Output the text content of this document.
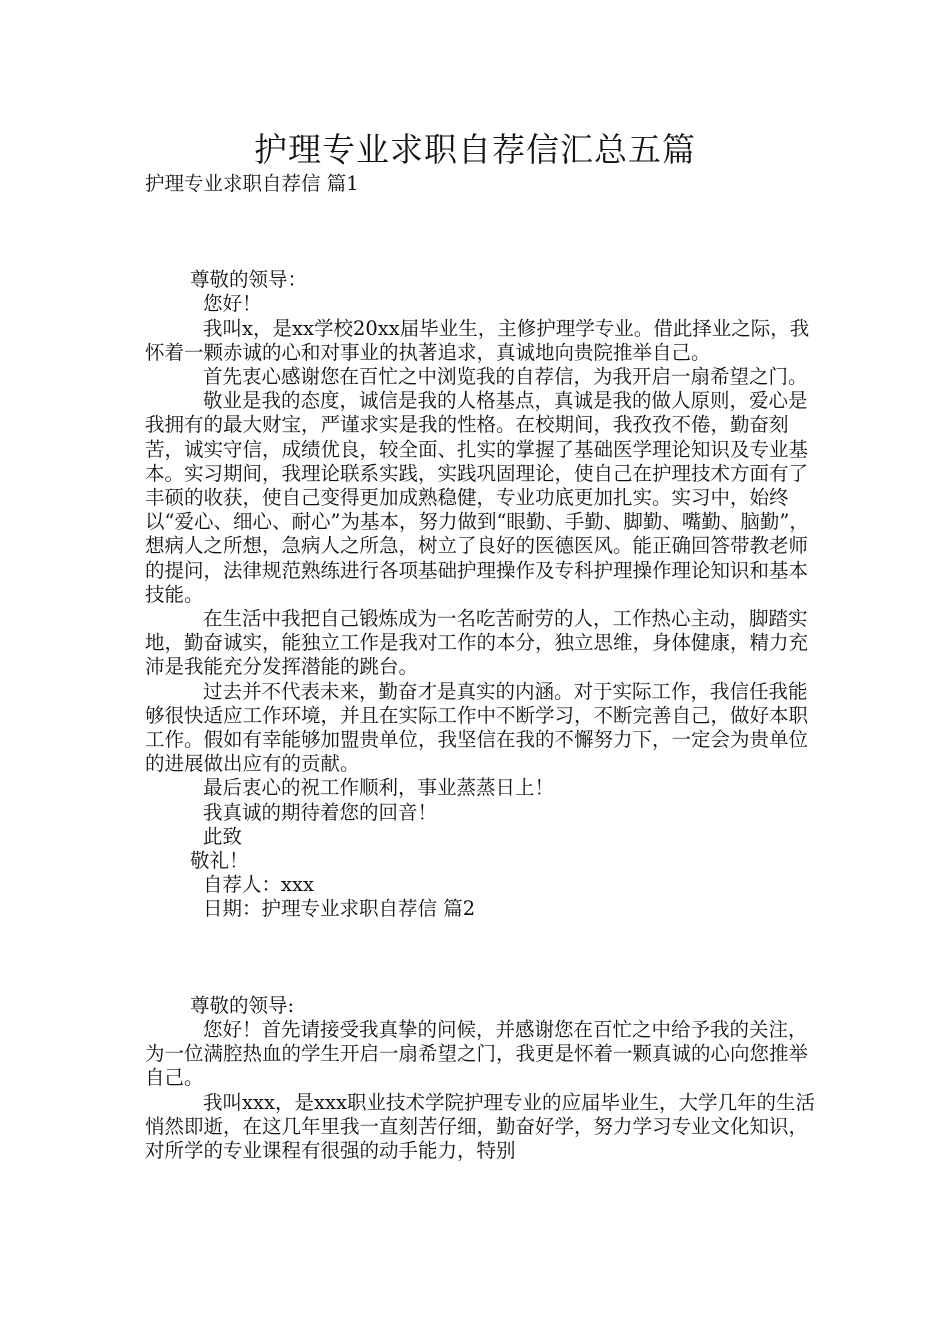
护理专业求职自荐信汇总五篇

护理专业求职自荐信 篇1

尊敬的领导：

您好！

我叫x，是xx学校20xx届毕业生，主修护理学专业。借此择业之际，我怀着一颗赤诚的心和对事业的执著追求，真诚地向贵院推举自己。

首先衷心感谢您在百忙之中浏览我的自荐信，为我开启一扇希望之门。

敬业是我的态度，诚信是我的人格基点，真诚是我的做人原则，爱心是我拥有的最大财宝，严谨求实是我的性格。在校期间，我孜孜不倦，勤奋刻苦，诚实守信，成绩优良，较全面、扎实的掌握了基础医学理论知识及专业基本。实习期间，我理论联系实践，实践巩固理论，使自己在护理技术方面有了丰硕的收获，使自己变得更加成熟稳健，专业功底更加扎实。实习中，始终以“爱心、细心、耐心”为基本，努力做到“眼勤、手勤、脚勤、嘴勤、脑勤”，想病人之所想，急病人之所急，树立了良好的医德医风。能正确回答带教老师的提问，法律规范熟练进行各项基础护理操作及专科护理操作理论知识和基本技能。

在生活中我把自己锻炼成为一名吃苦耐劳的人，工作热心主动，脚踏实地，勤奋诚实，能独立工作是我对工作的本分，独立思维，身体健康，精力充沛是我能充分发挥潜能的跳台。

过去并不代表未来，勤奋才是真实的内涵。对于实际工作，我信任我能够很快适应工作环境，并且在实际工作中不断学习，不断完善自己，做好本职工作。假如有幸能够加盟贵单位，我坚信在我的不懈努力下，一定会为贵单位的进展做出应有的贡献。

最后衷心的祝工作顺利，事业蒸蒸日上！

我真诚的期待着您的回音！

此致

敬礼！

自荐人：xxx

日期：护理专业求职自荐信 篇2

尊敬的领导:

您好！首先请接受我真挚的问候，并感谢您在百忙之中给予我的关注，为一位满腔热血的学生开启一扇希望之门，我更是怀着一颗真诚的心向您推举自己。

我叫xxx，是xxx职业技术学院护理专业的应届毕业生，大学几年的生活悄然即逝，在这几年里我一直刻苦仔细，勤奋好学，努力学习专业文化知识，对所学的专业课程有很强的动手能力，特别
